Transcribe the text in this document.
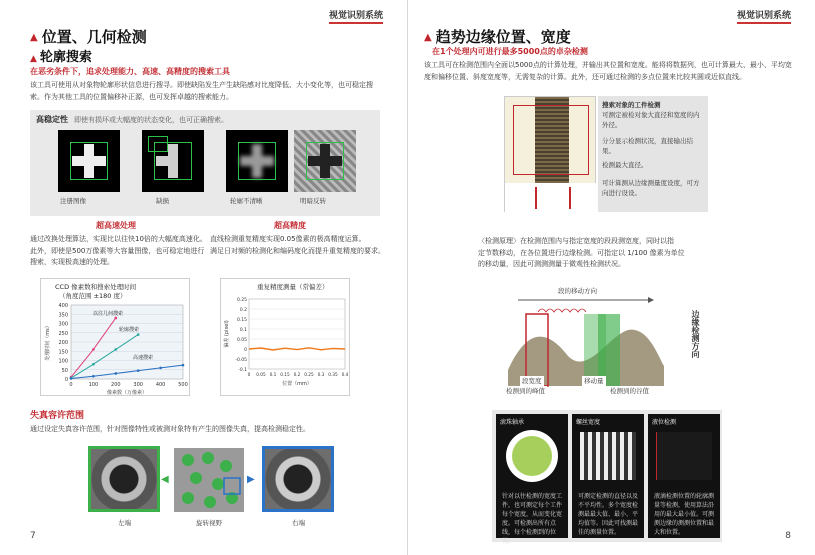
视觉识别系统
▲ 位置、几何检测
▲ 轮廓搜索
在恶劣条件下，追求处理能力、高速、高精度的搜索工具
该工具可使用从对象物轮廓形状信息进行搜寻。即使缺陷发生产生缺陷感对比度降低、大小变化等，也可稳定搜
索。作为其他工具的位置偏移补正源，也可发挥卓越的搜索能力。
高稳定性 即使有损坏或大幅度的状态变化，也可正确搜索。
注册图像	缺损	轮廓不清晰	明暗反转
超高速处理	超高精度
通过改换处理算法，实现比以往快10倍的大幅度高速化。
此外，即使是500万像素等大容量图像，也可稳定地进行
搜索，实现极高速的处理。
直线检测重复精度实现0.05像素的极高精度运算。
满足日对频的检测化和编码度化而提升重复精度的要求。
CCD 像素数和搜索处理时间
（角度范围 ±180 度）
0
50
100
150
200
250
300
350
400
0	100	200	300	400	500
像素数（万像素）
处理时间（ms）
以往几何搜索
轮廓搜索
高速搜索
重复精度测量（常偏差）
0.25
0.2
0.15
0.1
0.05
0
-0.05
-0.1
0 0.05 0.1 0.15 0.2 0.25 0.3 0.35 0.4
位置（mm）
偏差 (pixel)
失真容许范围
通过设定失真容许范围，针对图像特性或被测对象特有产生的图像失真，提高检测稳定性。
◀	▶
左端	旋转视野	右端
7
视觉识别系统
▲ 趋势边缘位置、宽度
在1个处理内可进行最多5000点的卓杂检测
该工具可在检测范围内全面以5000点的计算处理，并输出其位置和宽度。能将将数据列，也可计算最大、最小、平均宽
度和偏移位置、斜度宽度等，无需复杂的计算。此外，还可通过检测的多点位置来比较其圆或近似直线。
搜索对象的工件检测
可测定被检对象大直径和宽度的内外径。
分分显示检测状况，直接输出结果。
检测最大直径。
可计算测从边缘测量度设度，可方向进行设设。
〈检测原理〉在检测范围内与指定宽度的段段测宽度，同时以指
定节数移动，在各位置进行边缘检测。可指定以 1/100 像素为单位
的移动量，因此可测测测量于微观性检测状况。
段的移动方向
段宽度
检测到的峰值
移动量
检测到的谷值
边缘检测方向
滚珠轴承
针对以往检测的宽度工件，也可测定每个工件每个宽度，从而变化宽度。可检测出所有点线，每个检测到的位置。
螺丝宽度
可测定检测的直径以及不平均性。多个宽度检测最最大值、最小、平均值等。因此可找测最佳的测量位置。
液位检测
液滴检测位置的轮廓测量等检测，使用算法沿用的最大最小值。可测测边缘的测测位置和最大和位置。	8
